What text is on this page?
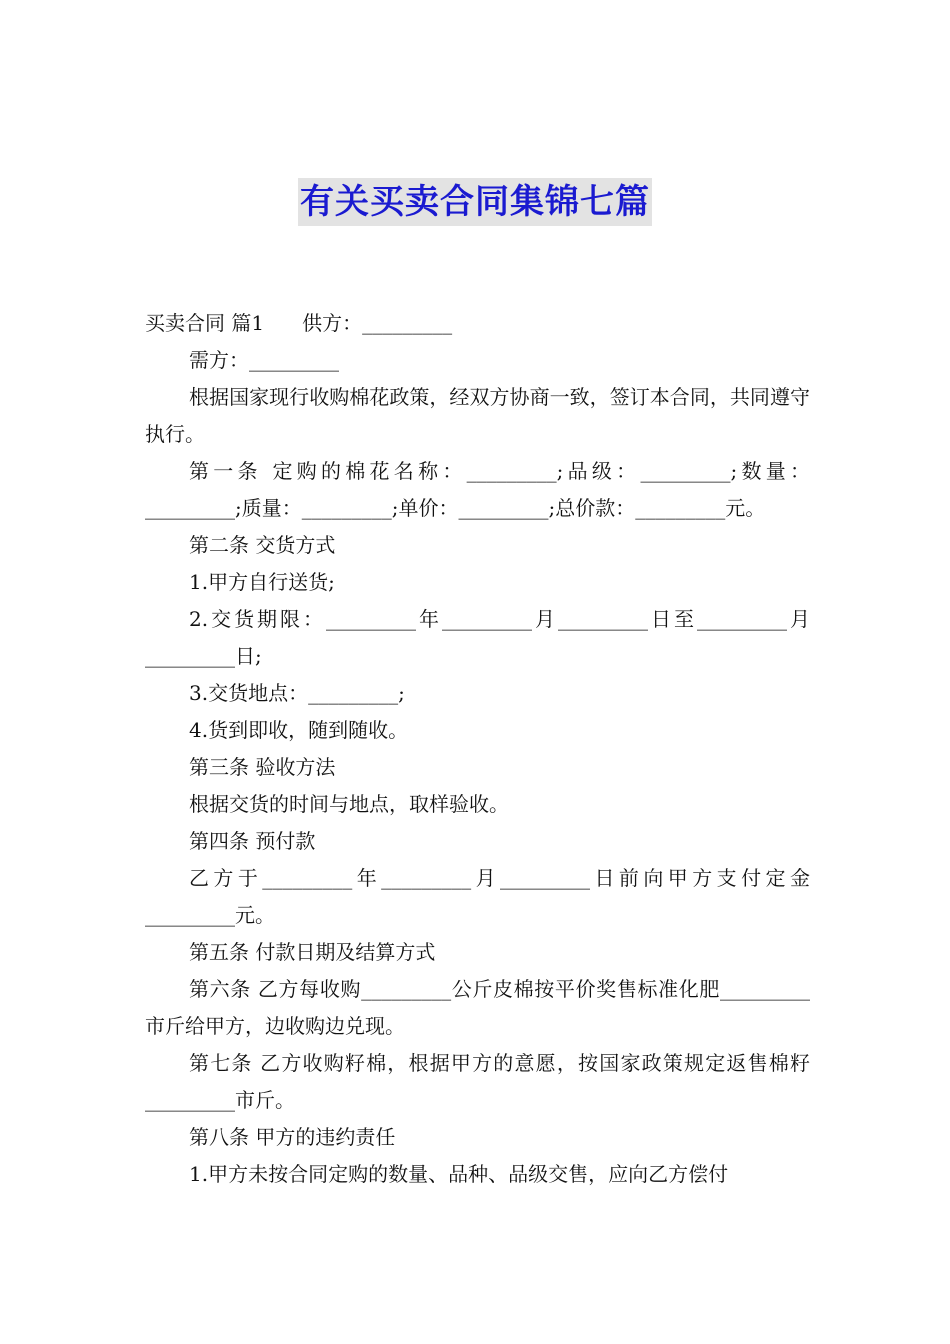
有关买卖合同集锦七篇

买卖合同 篇1 供方：_________

需方：_________

根据国家现行收购棉花政策，经双方协商一致，签订本合同，共同遵守执行。

第一条 定购的棉花名称：_________;品级：_________;数量：_________;质量：_________;单价：_________;总价款：_________元。

第二条 交货方式

1.甲方自行送货;

2.交货期限：_________年_________月_________日至_________月_________日;

3.交货地点：_________;

4.货到即收，随到随收。

第三条 验收方法

根据交货的时间与地点，取样验收。

第四条 预付款

乙方于_________年_________月_________日前向甲方支付定金_________元。

第五条 付款日期及结算方式

第六条 乙方每收购_________公斤皮棉按平价奖售标准化肥_________市斤给甲方，边收购边兑现。

第七条 乙方收购籽棉，根据甲方的意愿，按国家政策规定返售棉籽_________市斤。

第八条 甲方的违约责任

1.甲方未按合同定购的数量、品种、品级交售，应向乙方偿付
